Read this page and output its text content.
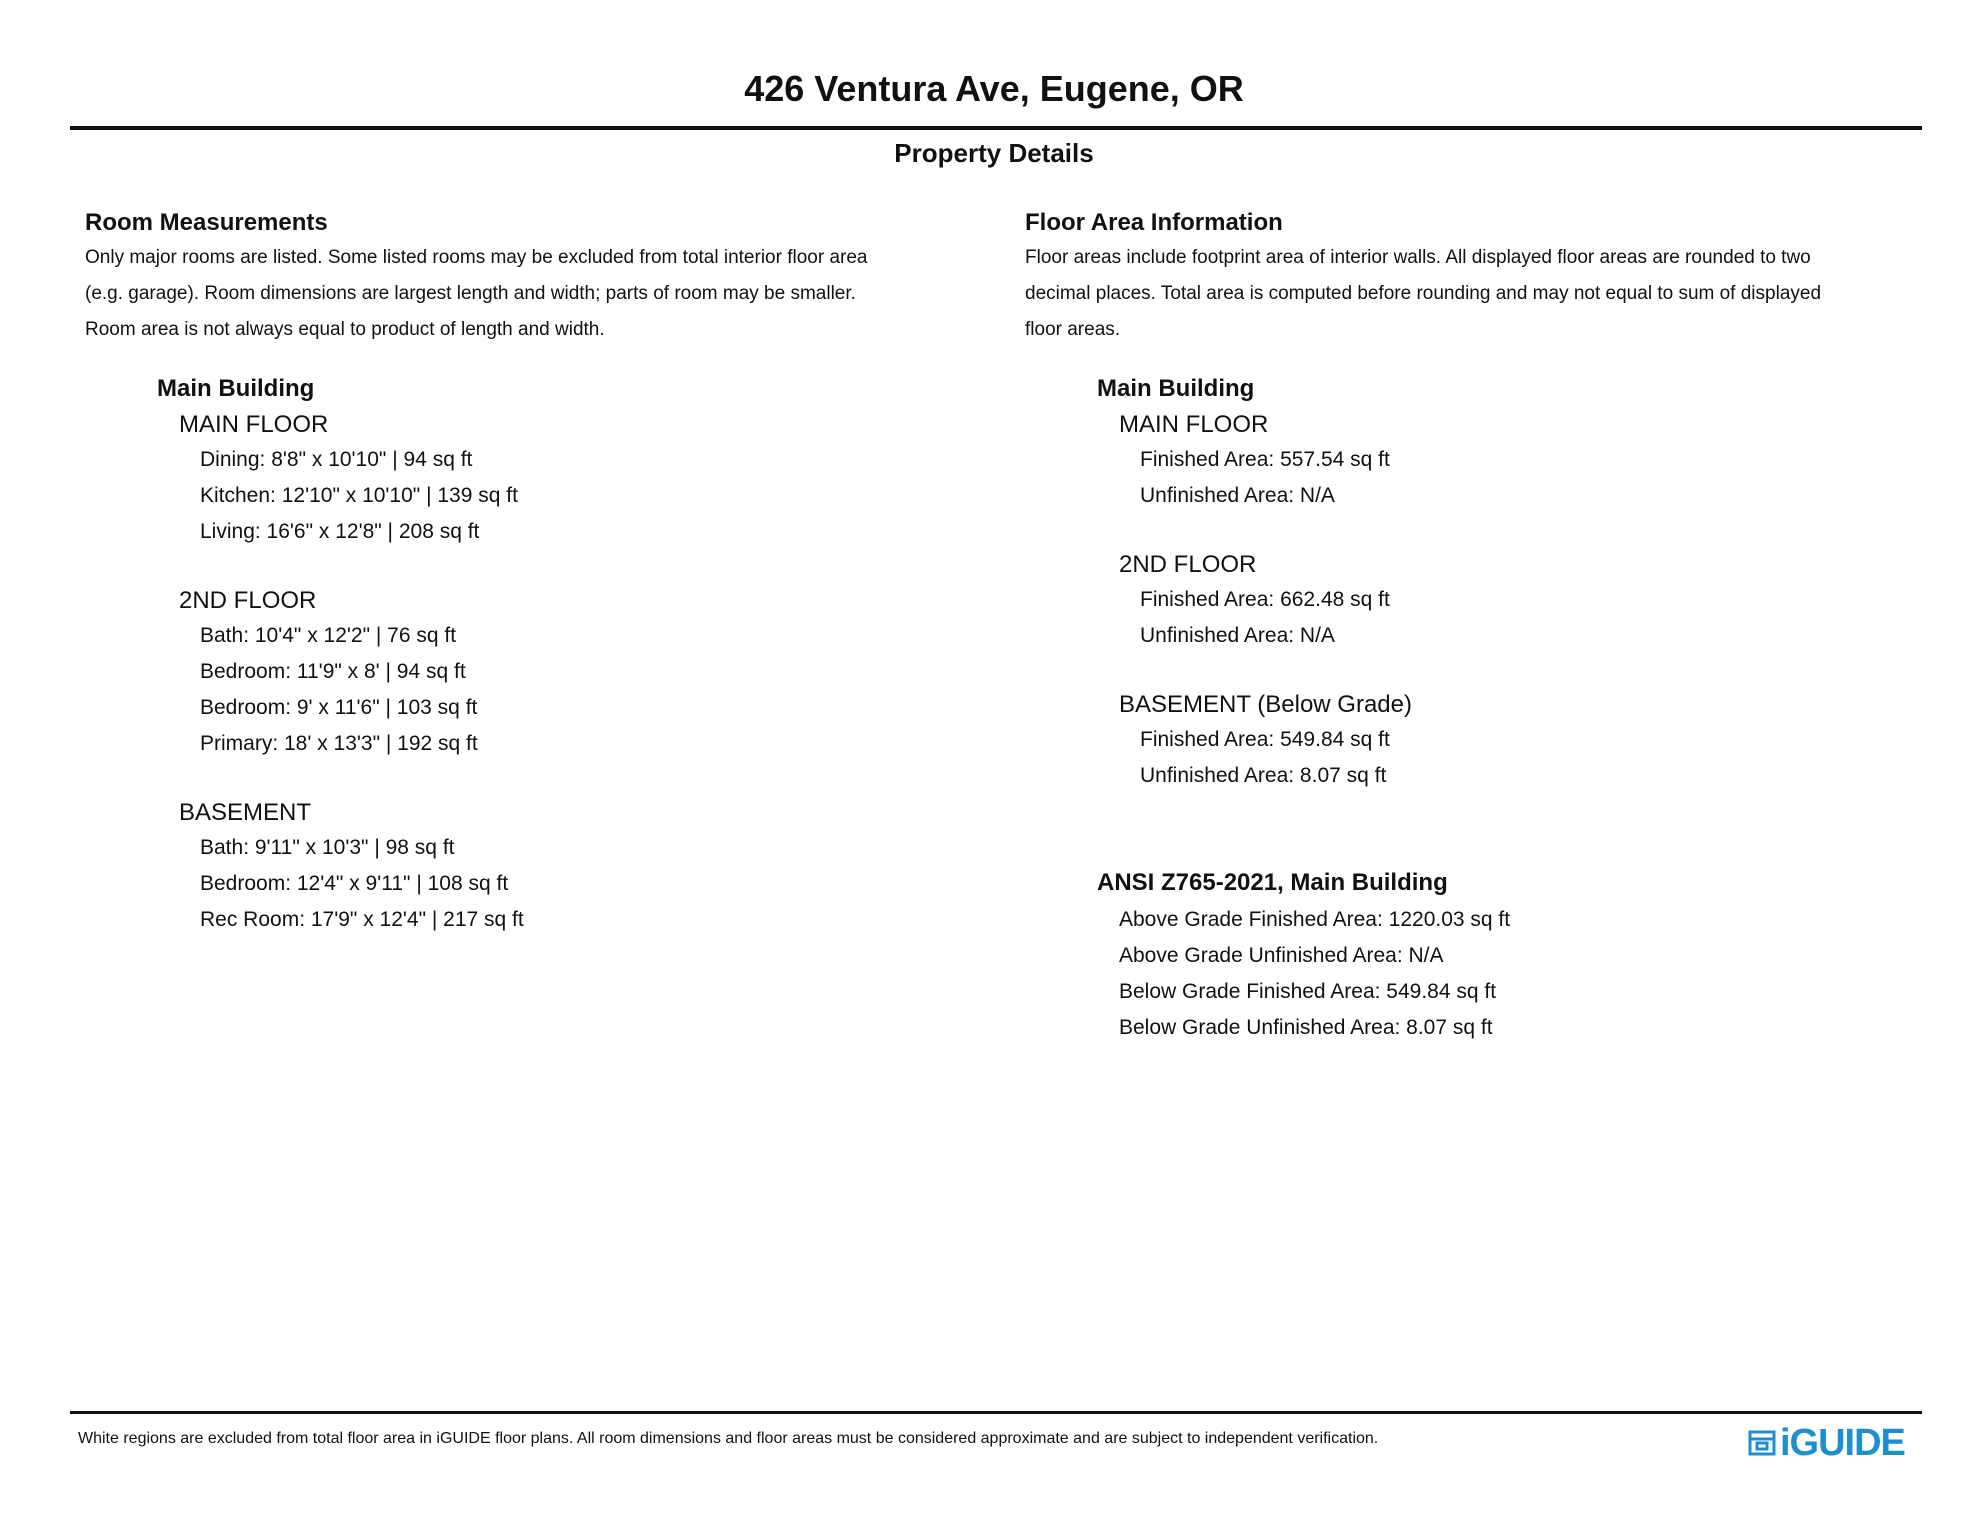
426 Ventura Ave, Eugene, OR
Property Details
Room Measurements
Only major rooms are listed. Some listed rooms may be excluded from total interior floor area
(e.g. garage). Room dimensions are largest length and width; parts of room may be smaller.
Room area is not always equal to product of length and width.
Main Building
MAIN FLOOR
Dining: 8'8" x 10'10" | 94 sq ft
Kitchen: 12'10" x 10'10" | 139 sq ft
Living: 16'6" x 12'8" | 208 sq ft
2ND FLOOR
Bath: 10'4" x 12'2" | 76 sq ft
Bedroom: 11'9" x 8' | 94 sq ft
Bedroom: 9' x 11'6" | 103 sq ft
Primary: 18' x 13'3" | 192 sq ft
BASEMENT
Bath: 9'11" x 10'3" | 98 sq ft
Bedroom: 12'4" x 9'11" | 108 sq ft
Rec Room: 17'9" x 12'4" | 217 sq ft
Floor Area Information
Floor areas include footprint area of interior walls. All displayed floor areas are rounded to two
decimal places. Total area is computed before rounding and may not equal to sum of displayed
floor areas.
Main Building
MAIN FLOOR
Finished Area: 557.54 sq ft
Unfinished Area: N/A
2ND FLOOR
Finished Area: 662.48 sq ft
Unfinished Area: N/A
BASEMENT (Below Grade)
Finished Area: 549.84 sq ft
Unfinished Area: 8.07 sq ft
ANSI Z765-2021, Main Building
Above Grade Finished Area: 1220.03 sq ft
Above Grade Unfinished Area: N/A
Below Grade Finished Area: 549.84 sq ft
Below Grade Unfinished Area: 8.07 sq ft
White regions are excluded from total floor area in iGUIDE floor plans. All room dimensions and floor areas must be considered approximate and are subject to independent verification.	iGUIDE
